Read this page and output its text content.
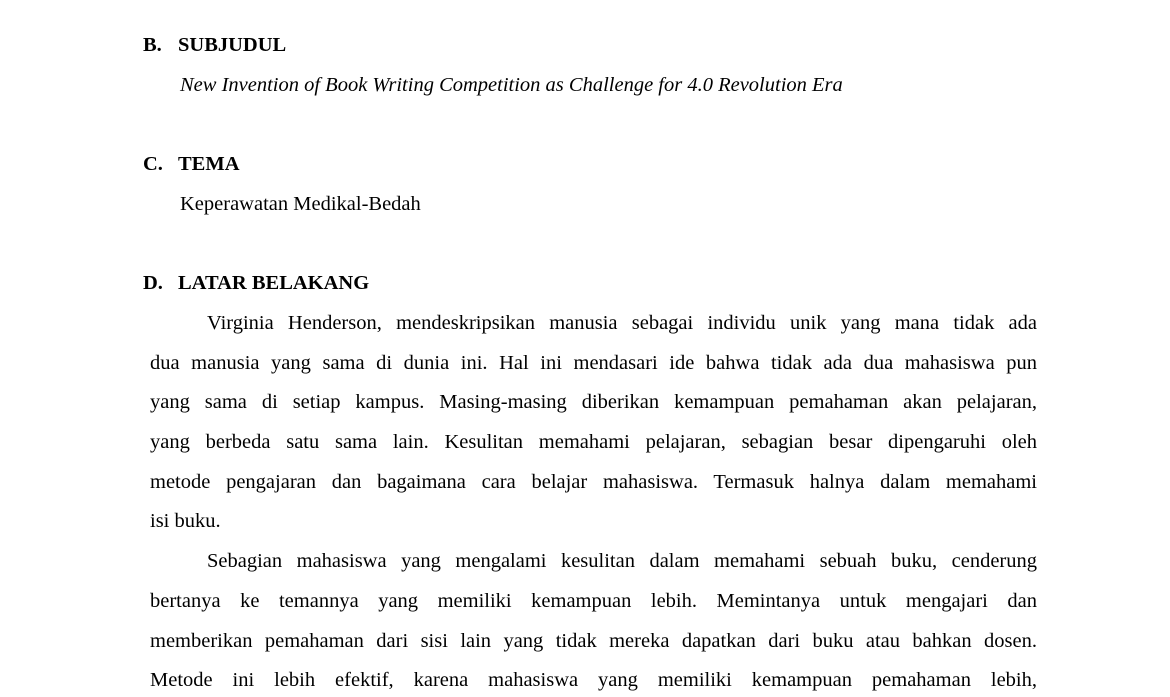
B. SUBJUDUL
New Invention of Book Writing Competition as Challenge for 4.0 Revolution Era
C. TEMA
Keperawatan Medikal-Bedah
D. LATAR BELAKANG
Virginia Henderson, mendeskripsikan manusia sebagai individu unik yang mana tidak ada
dua manusia yang sama di dunia ini. Hal ini mendasari ide bahwa tidak ada dua mahasiswa pun
yang sama di setiap kampus. Masing-masing diberikan kemampuan pemahaman akan pelajaran,
yang berbeda satu sama lain. Kesulitan memahami pelajaran, sebagian besar dipengaruhi oleh
metode pengajaran dan bagaimana cara belajar mahasiswa. Termasuk halnya dalam memahami
isi buku.
Sebagian mahasiswa yang mengalami kesulitan dalam memahami sebuah buku, cenderung
bertanya ke temannya yang memiliki kemampuan lebih. Memintanya untuk mengajari dan
memberikan pemahaman dari sisi lain yang tidak mereka dapatkan dari buku atau bahkan dosen.
Metode ini lebih efektif, karena mahasiswa yang memiliki kemampuan pemahaman lebih,
